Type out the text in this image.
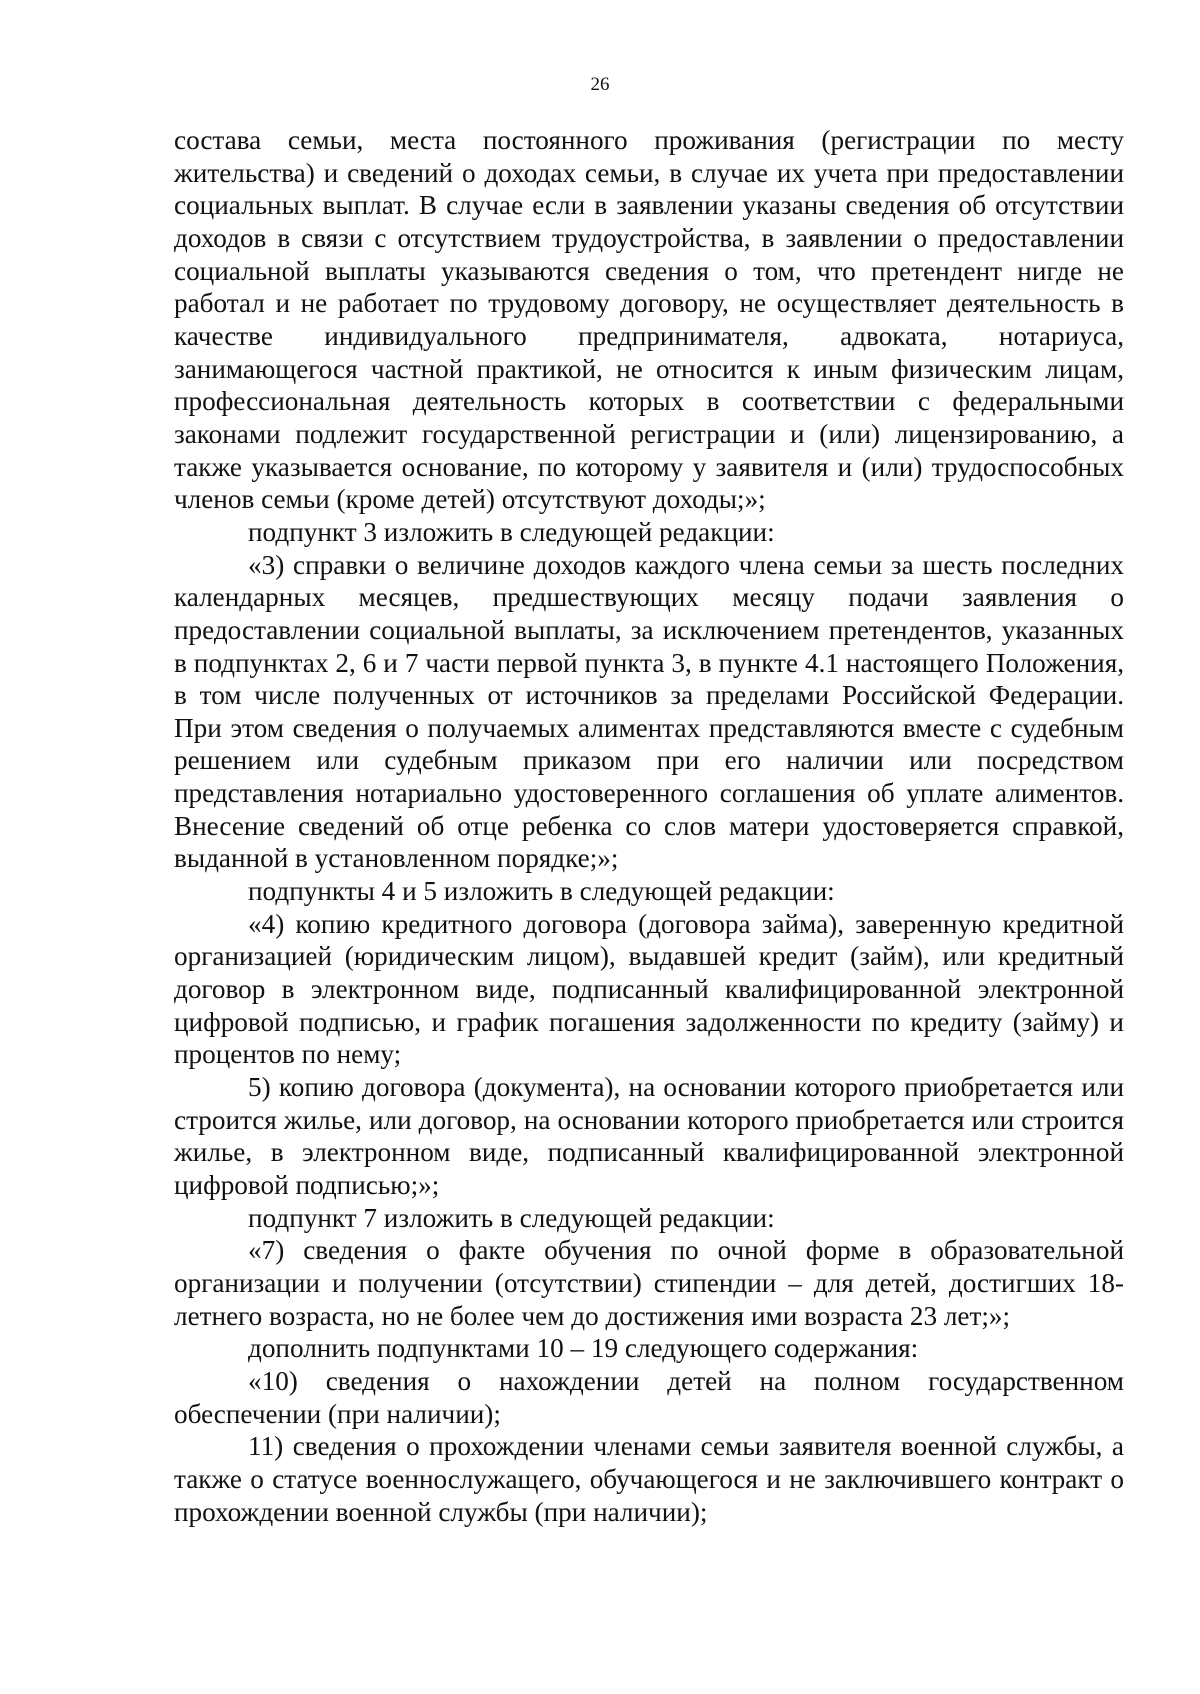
26

состава семьи, места постоянного проживания (регистрации по месту жительства) и сведений о доходах семьи, в случае их учета при предоставлении социальных выплат. В случае если в заявлении указаны сведения об отсутствии доходов в связи с отсутствием трудоустройства, в заявлении о предоставлении социальной выплаты указываются сведения о том, что претендент нигде не работал и не работает по трудовому договору, не осуществляет деятельность в качестве индивидуального предпринимателя, адвоката, нотариуса, занимающегося частной практикой, не относится к иным физическим лицам, профессиональная деятельность которых в соответствии с федеральными законами подлежит государственной регистрации и (или) лицензированию, а также указывается основание, по которому у заявителя и (или) трудоспособных членов семьи (кроме детей) отсутствуют доходы;»;

подпункт 3 изложить в следующей редакции:

«3) справки о величине доходов каждого члена семьи за шесть последних календарных месяцев, предшествующих месяцу подачи заявления о предоставлении социальной выплаты, за исключением претендентов, указанных в подпунктах 2, 6 и 7 части первой пункта 3, в пункте 4.1 настоящего Положения, в том числе полученных от источников за пределами Российской Федерации. При этом сведения о получаемых алиментах представляются вместе с судебным решением или судебным приказом при его наличии или посредством представления нотариально удостоверенного соглашения об уплате алиментов. Внесение сведений об отце ребенка со слов матери удостоверяется справкой, выданной в установленном порядке;»;

подпункты 4 и 5 изложить в следующей редакции:

«4) копию кредитного договора (договора займа), заверенную кредитной организацией (юридическим лицом), выдавшей кредит (займ), или кредитный договор в электронном виде, подписанный квалифицированной электронной цифровой подписью, и график погашения задолженности по кредиту (займу) и процентов по нему;

5) копию договора (документа), на основании которого приобретается или строится жилье, или договор, на основании которого приобретается или строится жилье, в электронном виде, подписанный квалифицированной электронной цифровой подписью;»;

подпункт 7 изложить в следующей редакции:

«7) сведения о факте обучения по очной форме в образовательной организации и получении (отсутствии) стипендии – для детей, достигших 18-летнего возраста, но не более чем до достижения ими возраста 23 лет;»;

дополнить подпунктами 10 – 19 следующего содержания:

«10) сведения о нахождении детей на полном государственном обеспечении (при наличии);

11) сведения о прохождении членами семьи заявителя военной службы, а также о статусе военнослужащего, обучающегося и не заключившего контракт о прохождении военной службы (при наличии);
